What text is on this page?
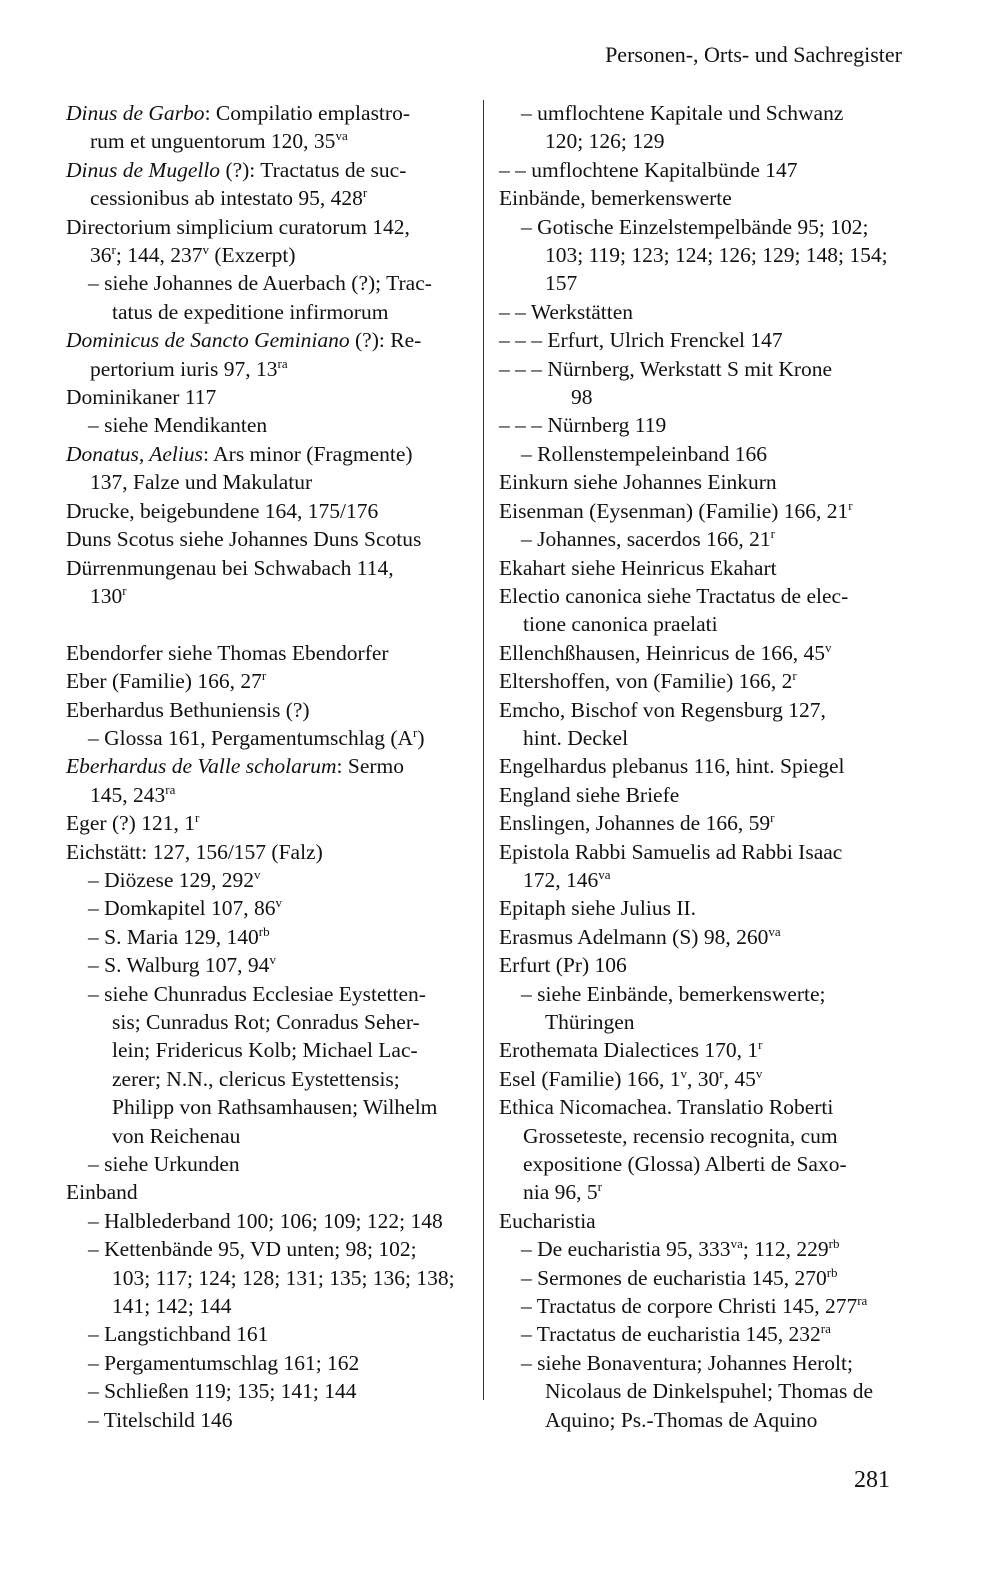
Personen-, Orts- und Sachregister
Dinus de Garbo: Compilatio emplastro-
rum et unguentorum 120, $35^{va}$
Dinus de Mugello (?): Tractatus de suc-
cessionibus ab intestato 95, 428$^r$
Directorium simplicium curatorum 142,
36$^r$; 144, 237$^v$ (Exzerpt)
– siehe Johannes de Auerbach (?); Trac-
tatus de expeditione infirmorum
Dominicus de Sancto Geminiano (?): Re-
pertorium iuris 97, $13^{ra}$
Dominikaner 117
– siehe Mendikanten
Donatus, Aelius: Ars minor (Fragmente)
137, Falze und Makulatur
Drucke, beigebundene 164, 175/176
Duns Scotus siehe Johannes Duns Scotus
Dürrenmungenau bei Schwabach 114,
130$^r$
Ebendorfer siehe Thomas Ebendorfer
Eber (Familie) 166, 27$^r$
Eberhardus Bethuniensis (?)
– Glossa 161, Pergamentumschlag $(A^r)$
Eberhardus de Valle scholarum: Sermo
145, $243^{ra}$
Eger (?) 121, 1$^r$
Eichstätt: 127, 156/157 (Falz)
– Diözese 129, 292$^v$
– Domkapitel 107, 86$^v$
– S. Maria 129, $140^{rb}$
– S. Walburg 107, 94$^v$
– siehe Chunradus Ecclesiae Eystetten-
sis; Cunradus Rot; Conradus Seher-
lein; Fridericus Kolb; Michael Lac-
zerer; N.N., clericus Eystettensis;
Philipp von Rathsamhausen; Wilhelm
von Reichenau
– siehe Urkunden
Einband
– Halblederband 100; 106; 109; 122; 148
– Kettenbände 95, VD unten; 98; 102;
103; 117; 124; 128; 131; 135; 136; 138;
141; 142; 144
– Langstichband 161
– Pergamentumschlag 161; 162
– Schließen 119; 135; 141; 144
– Titelschild 146
– umflochtene Kapitale und Schwanz
120; 126; 129
– – umflochtene Kapitalbünde 147
Einbände, bemerkenswerte
– Gotische Einzelstempelbände 95; 102;
103; 119; 123; 124; 126; 129; 148; 154;
157
– – Werkstätten
– – – Erfurt, Ulrich Frenckel 147
– – – Nürnberg, Werkstatt S mit Krone
98
– – – Nürnberg 119
– Rollenstempeleinband 166
Einkurn siehe Johannes Einkurn
Eisenman (Eysenman) (Familie) 166, 21$^r$
– Johannes, sacerdos 166, 21$^r$
Ekahart siehe Heinricus Ekahart
Electio canonica siehe Tractatus de elec-
tione canonica praelati
Ellenchßhausen, Heinricus de 166, 45$^v$
Eltershoffen, von (Familie) 166, 2$^r$
Emcho, Bischof von Regensburg 127,
hint. Deckel
Engelhardus plebanus 116, hint. Spiegel
England siehe Briefe
Enslingen, Johannes de 166, 59$^r$
Epistola Rabbi Samuelis ad Rabbi Isaac
172, $146^{va}$
Epitaph siehe Julius II.
Erasmus Adelmann (S) 98, $260^{va}$
Erfurt (Pr) 106
– siehe Einbände, bemerkenswerte;
Thüringen
Erothemata Dialectices 170, 1$^r$
Esel (Familie) 166, 1$^v$, 30$^r$, 45$^v$
Ethica Nicomachea. Translatio Roberti
Grosseteste, recensio recognita, cum
expositione (Glossa) Alberti de Saxo-
nia 96, 5$^r$
Eucharistia
– De eucharistia 95, $333^{va}$; 112, $229^{rb}$
– Sermones de eucharistia 145, $270^{rb}$
– Tractatus de corpore Christi 145, $277^{ra}$
– Tractatus de eucharistia 145, $232^{ra}$
– siehe Bonaventura; Johannes Herolt;
Nicolaus de Dinkelspuhel; Thomas de
Aquino; Ps.-Thomas de Aquino
281
